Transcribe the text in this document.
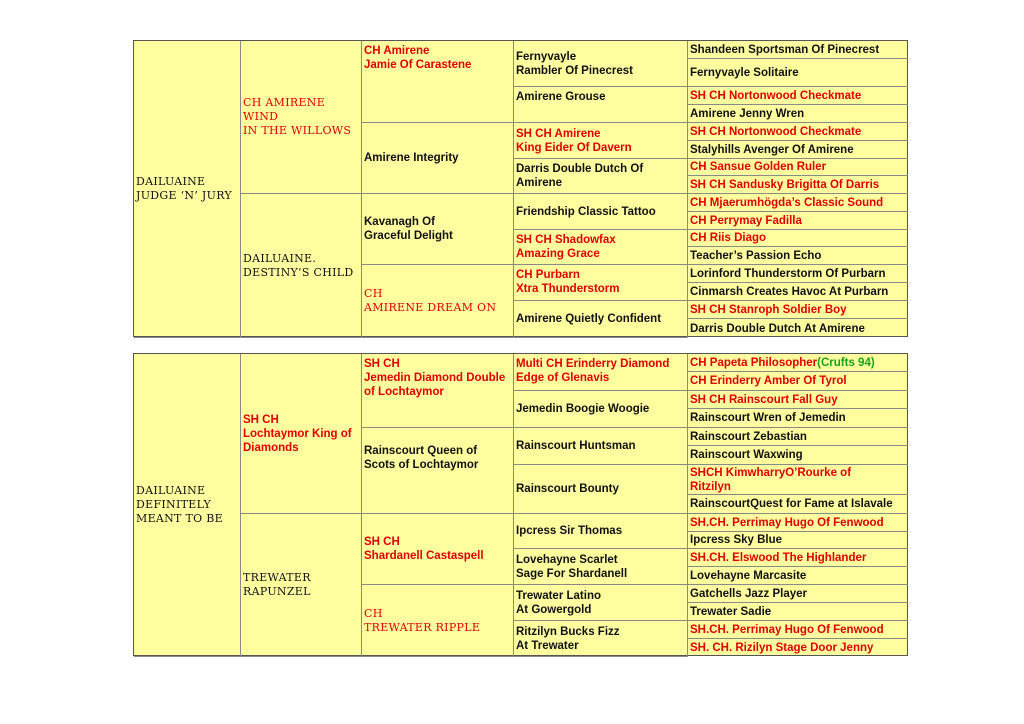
DAILUAINE
JUDGE ‘N’ JURY
CH AMIRENE WIND
IN THE WILLOWS
DAILUAINE.
DESTINY’S CHILD
CH Amirene
Jamie Of Carastene
Amirene Integrity
Kavanagh Of
Graceful Delight
CH
AMIRENE DREAM ON
Fernyvayle
Rambler Of Pinecrest
Amirene Grouse
SH CH Amirene
King Eider Of Davern
Darris Double Dutch Of
Amirene
Friendship Classic Tattoo
SH CH Shadowfax
Amazing Grace
CH Purbarn
Xtra Thunderstorm
Amirene Quietly Confident
Shandeen Sportsman Of Pinecrest
Fernyvayle Solitaire
SH CH Nortonwood Checkmate
Amirene Jenny Wren
SH CH Nortonwood Checkmate
Stalyhills Avenger Of Amirene
CH Sansue Golden Ruler
SH CH Sandusky Brigitta Of Darris
CH Mjaerumhögda’s Classic Sound
CH Perrymay Fadilla
CH Riis Diago
Teacher’s Passion Echo
Lorinford Thunderstorm Of Purbarn
Cinmarsh Creates Havoc At Purbarn
SH CH Stanroph Soldier Boy
Darris Double Dutch At Amirene
DAILUAINE
DEFINITELY
MEANT TO BE
SH CH
Lochtaymor King of
Diamonds
TREWATER
RAPUNZEL
SH CH
Jemedin Diamond Double
of Lochtaymor
Rainscourt Queen of
Scots of Lochtaymor
SH CH
Shardanell Castaspell
CH
TREWATER RIPPLE
Multi CH Erinderry Diamond
Edge of Glenavis
Jemedin Boogie Woogie
Rainscourt Huntsman
Rainscourt Bounty
Ipcress Sir Thomas
Lovehayne Scarlet
Sage For Shardanell
Trewater Latino
At Gowergold
Ritzilyn Bucks Fizz
At Trewater
CH Papeta Philosopher (Crufts 94)
CH Erinderry Amber Of Tyrol
SH CH Rainscourt Fall Guy
Rainscourt Wren of Jemedin
Rainscourt Zebastian
Rainscourt Waxwing
SHCH KimwharryO’Rourke of
Ritzilyn
RainscourtQuest for Fame at Islavale
SH.CH. Perrimay Hugo Of Fenwood
Ipcress Sky Blue
SH.CH. Elswood The Highlander
Lovehayne Marcasite
Gatchells Jazz Player
Trewater Sadie
SH.CH. Perrimay Hugo Of Fenwood
SH. CH. Rizilyn Stage Door Jenny
